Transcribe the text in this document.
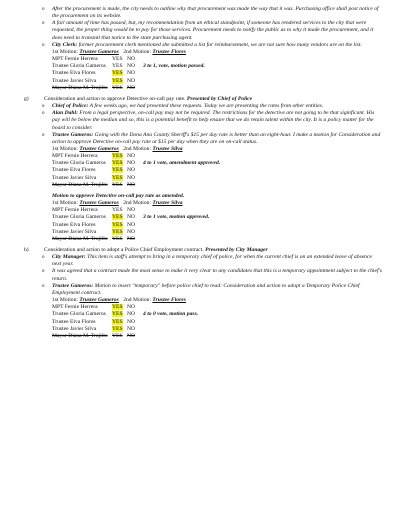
o After the procurement is made, the city needs to outline why that procurement was made the way that it was. Purchasing office shall post notice of the procurement on its website.
o A fair amount of time has passed, but, my recommendation from an ethical standpoint, if someone has rendered services to the city that were requested, the proper thing would be to pay for those services. Procurement needs to notify the public as to why it made the procurement, and it does need to transmit that notice to the state purchasing agent.
o City Clerk: former procurement clerk mentioned she submitted a list for reimbursement, we are not sure how many vendors are on the list.
1st Motion: Trustee Gameros 2nd Motion: Trustee Flores
MPT Fernie Herrera	YES	NO	
Trustee Gloria Gameros	YES	NO	3 to 1, vote, motion passed.
Trustee Elva Flores	YES	NO	
Trustee Javier Silva	YES	NO	
Mayor Diana M. Trujillo	YES	NO	
g)	Consideration and action to approve Detective on-call pay rate. Presented by Chief of Police
o Chief of Police: A few weeks ago, we had presented these requests. Today we are presenting the rates from other entities.
o Alan Dahl: From a legal perspective, on-call pay may not be required. The restrictions for the detective are not going to be that significant. His pay will be below the median and so, this is a potential benefit to help ensure that we do retain talent within the city. It is a policy matter for the board to consider.
o Trustee Gameros: Going with the Dona Ana County Sheriff's $15 per day rate is better than an eight-hour. I make a motion for Consideration and action to approve Detective on-call pay rate at $15 per day when they are on on-call status.
1st Motion: Trustee Gameros 2nd Motion: Trustee Silva
MPT Fernie Herrera	YES	NO	
Trustee Gloria Gameros	YES	NO	4 to 1 vote, amendment approved.
Trustee Elva Flores	YES	NO	
Trustee Javier Silva	YES	NO	
Mayor Diana M. Trujillo	YES	NO	
Motion to approve Detective on-call pay rate as amended.
1st Motion: Trustee Gameros 2nd Motion: Trustee Silva
MPT Fernie Herrera	YES	NO	
Trustee Gloria Gameros	YES	NO	3 to 1 vote, motion approved.
Trustee Elva Flores	YES	NO	
Trustee Javier Silva	YES	NO	
Mayor Diana M. Trujillo	YES	NO	
h)	Consideration and action to adopt a Police Chief Employment contract. Presented by City Manager
o City Manager: This item is staff's attempt to bring in a temporary chief of police, for when the current chief is on an extended leave of absence next year.
o It was agreed that a contract made the most sense to make it very clear to any candidates that this is a temporary appointment subject to the chief's return.
o Trustee Gameros: Motion to insert "temporary" before police chief to read: Consideration and action to adopt a Temporary Police Chief Employment contract.
1st Motion: Trustee Gameros 2nd Motion: Trustee Flores
MPT Fernie Herrera	YES	NO	
Trustee Gloria Gameros	YES	NO	4 to 0 vote, motion pass.
Trustee Elva Flores	YES	NO	
Trustee Javier Silva	YES	NO	
Mayor Diana M. Trujillo	YES	NO	
